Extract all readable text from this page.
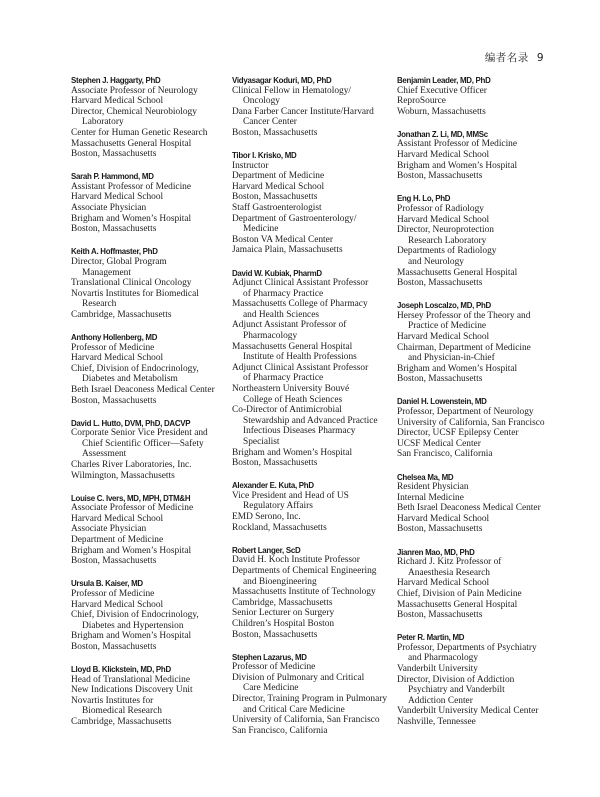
编者名录 9
Stephen J. Haggarty, PhD
Associate Professor of Neurology
Harvard Medical School
Director, Chemical Neurobiology
Laboratory
Center for Human Genetic Research
Massachusetts General Hospital
Boston, Massachusetts
Sarah P. Hammond, MD
Assistant Professor of Medicine
Harvard Medical School
Associate Physician
Brigham and Women’s Hospital
Boston, Massachusetts
Keith A. Hoffmaster, PhD
Director, Global Program
Management
Translational Clinical Oncology
Novartis Institutes for Biomedical
Research
Cambridge, Massachusetts
Anthony Hollenberg, MD
Professor of Medicine
Harvard Medical School
Chief, Division of Endocrinology,
Diabetes and Metabolism
Beth Israel Deaconess Medical Center
Boston, Massachusetts
David L. Hutto, DVM, PhD, DACVP
Corporate Senior Vice President and
Chief Scientific Officer—Safety
Assessment
Charles River Laboratories, Inc.
Wilmington, Massachusetts
Louise C. Ivers, MD, MPH, DTM&H
Associate Professor of Medicine
Harvard Medical School
Associate Physician
Department of Medicine
Brigham and Women’s Hospital
Boston, Massachusetts
Ursula B. Kaiser, MD
Professor of Medicine
Harvard Medical School
Chief, Division of Endocrinology,
Diabetes and Hypertension
Brigham and Women’s Hospital
Boston, Massachusetts
Lloyd B. Klickstein, MD, PhD
Head of Translational Medicine
New Indications Discovery Unit
Novartis Institutes for
Biomedical Research
Cambridge, Massachusetts
Vidyasagar Koduri, MD, PhD
Clinical Fellow in Hematology/
Oncology
Dana Farber Cancer Institute/Harvard
Cancer Center
Boston, Massachusetts
Tibor I. Krisko, MD
Instructor
Department of Medicine
Harvard Medical School
Boston, Massachusetts
Staff Gastroenterologist
Department of Gastroenterology/
Medicine
Boston VA Medical Center
Jamaica Plain, Massachusetts
David W. Kubiak, PharmD
Adjunct Clinical Assistant Professor
of Pharmacy Practice
Massachusetts College of Pharmacy
and Health Sciences
Adjunct Assistant Professor of
Pharmacology
Massachusetts General Hospital
Institute of Health Professions
Adjunct Clinical Assistant Professor
of Pharmacy Practice
Northeastern University Bouvé
College of Heath Sciences
Co-Director of Antimicrobial
Stewardship and Advanced Practice
Infectious Diseases Pharmacy
Specialist
Brigham and Women’s Hospital
Boston, Massachusetts
Alexander E. Kuta, PhD
Vice President and Head of US
Regulatory Affairs
EMD Serono, Inc.
Rockland, Massachusetts
Robert Langer, ScD
David H. Koch Institute Professor
Departments of Chemical Engineering
and Bioengineering
Massachusetts Institute of Technology
Cambridge, Massachusetts
Senior Lecturer on Surgery
Children’s Hospital Boston
Boston, Massachusetts
Stephen Lazarus, MD
Professor of Medicine
Division of Pulmonary and Critical
Care Medicine
Director, Training Program in Pulmonary
and Critical Care Medicine
University of California, San Francisco
San Francisco, California
Benjamin Leader, MD, PhD
Chief Executive Officer
ReproSource
Woburn, Massachusetts
Jonathan Z. Li, MD, MMSc
Assistant Professor of Medicine
Harvard Medical School
Brigham and Women’s Hospital
Boston, Massachusetts
Eng H. Lo, PhD
Professor of Radiology
Harvard Medical School
Director, Neuroprotection
Research Laboratory
Departments of Radiology
and Neurology
Massachusetts General Hospital
Boston, Massachusetts
Joseph Loscalzo, MD, PhD
Hersey Professor of the Theory and
Practice of Medicine
Harvard Medical School
Chairman, Department of Medicine
and Physician-in-Chief
Brigham and Women’s Hospital
Boston, Massachusetts
Daniel H. Lowenstein, MD
Professor, Department of Neurology
University of California, San Francisco
Director, UCSF Epilepsy Center
UCSF Medical Center
San Francisco, California
Chelsea Ma, MD
Resident Physician
Internal Medicine
Beth Israel Deaconess Medical Center
Harvard Medical School
Boston, Massachusetts
Jianren Mao, MD, PhD
Richard J. Kitz Professor of
Anaesthesia Research
Harvard Medical School
Chief, Division of Pain Medicine
Massachusetts General Hospital
Boston, Massachusetts
Peter R. Martin, MD
Professor, Departments of Psychiatry
and Pharmacology
Vanderbilt University
Director, Division of Addiction
Psychiatry and Vanderbilt
Addiction Center
Vanderbilt University Medical Center
Nashville, Tennessee
